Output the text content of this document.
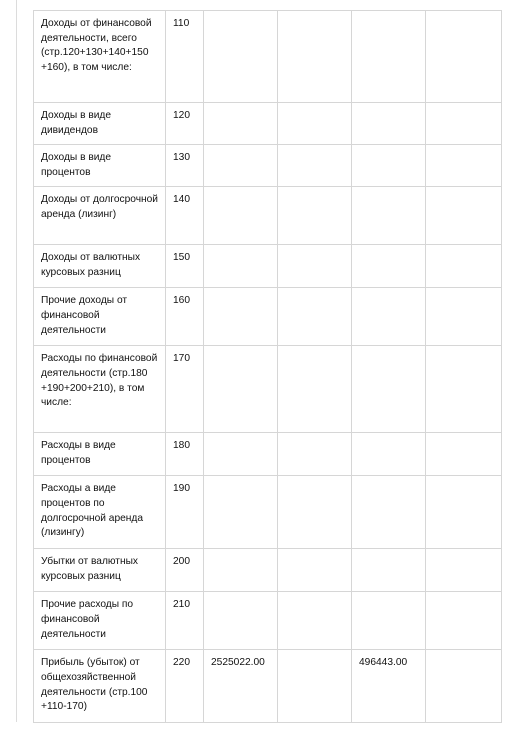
Доходы от финансовой деятельности, всего (стр.120+130+140+150 +160), в том числе:	110				
Доходы в виде дивидендов	120				
Доходы в виде процентов	130				
Доходы от долгосрочной аренда (лизинг)	140				
Доходы от валютных курсовых разниц	150				
Прочие доходы от финансовой деятельности	160				
Расходы по финансовой деятельности (стр.180 +190+200+210), в том числе:	170				
Расходы в виде процентов	180				
Расходы а виде процентов по долгосрочной аренда (лизингу)	190				
Убытки от валютных курсовых разниц	200				
Прочие расходы по финансовой деятельности	210				
Прибыль (убыток) от общехозяйственной деятельности (стр.100 +110-170)	220	2525022.00		496443.00	
